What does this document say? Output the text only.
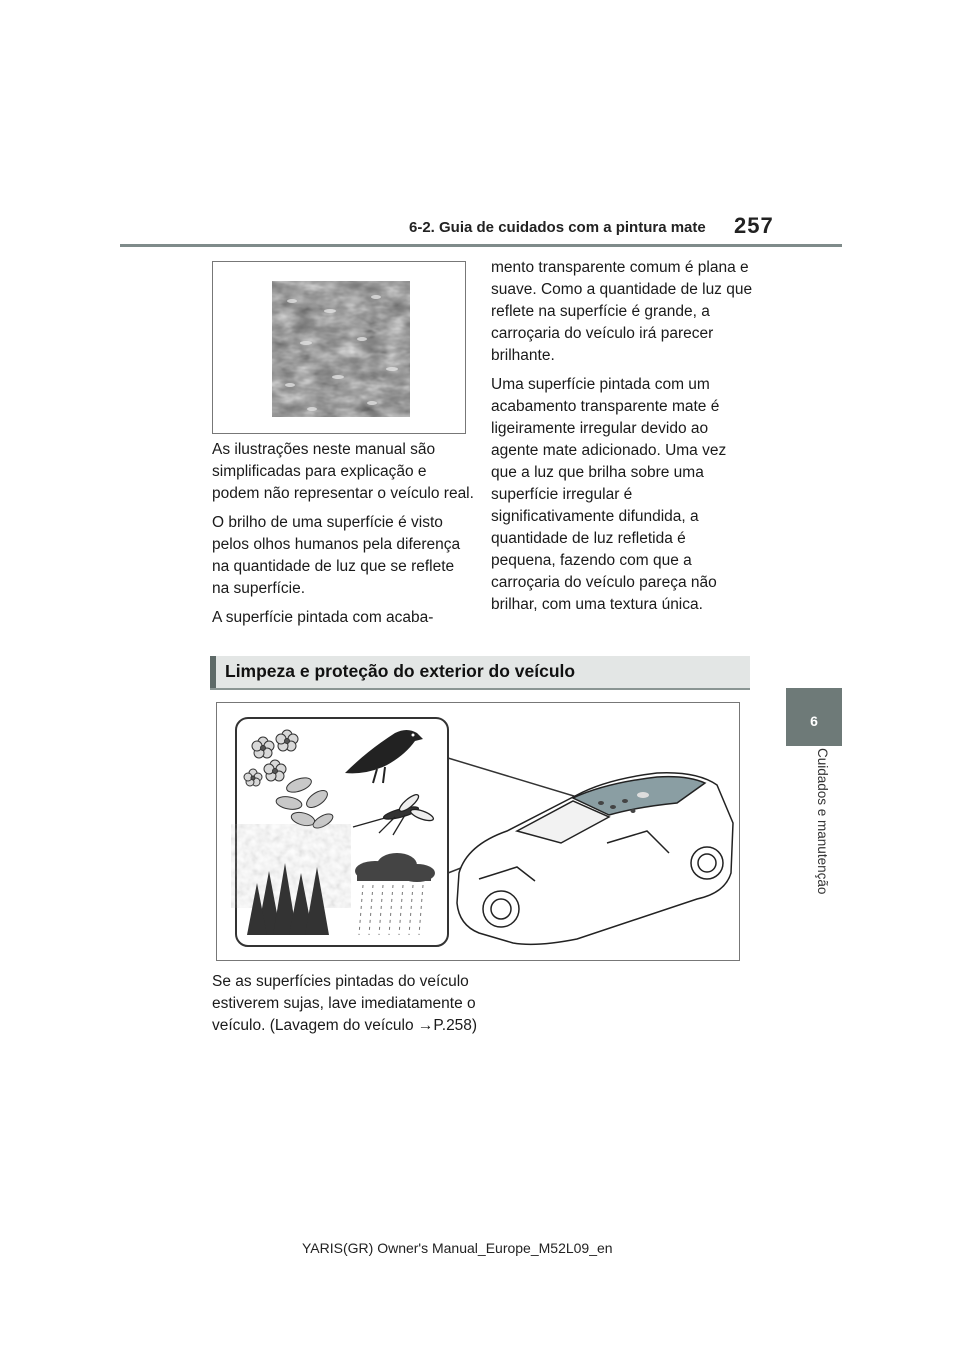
6-2. Guia de cuidados com a pintura mate 257
6
Cuidados e manutenção

As ilustrações neste manual são simplificadas para explicação e podem não representar o veículo real.

O brilho de uma superfície é visto pelos olhos humanos pela diferença na quantidade de luz que se reflete na superfície.

A superfície pintada com acaba-

mento transparente comum é plana e suave. Como a quantidade de luz que reflete na superfície é grande, a carroçaria do veículo irá parecer brilhante.

Uma superfície pintada com um acabamento transparente mate é ligeiramente irregular devido ao agente mate adicionado. Uma vez que a luz que brilha sobre uma superfície irregular é significativamente difundida, a quantidade de luz refletida é pequena, fazendo com que a carroçaria do veículo pareça não brilhar, com uma textura única.

Limpeza e proteção do exterior do veículo

Se as superfícies pintadas do veículo estiverem sujas, lave imediatamente o veículo. (Lavagem do veículo →P.258)

YARIS(GR) Owner's Manual_Europe_M52L09_en
